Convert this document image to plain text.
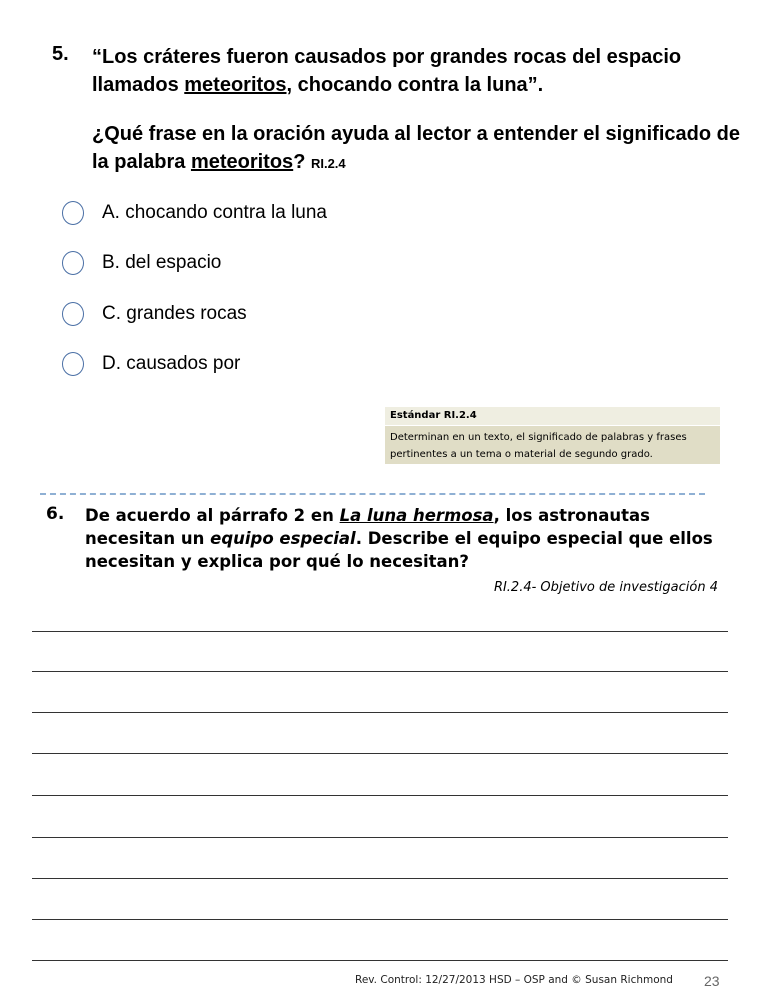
5. “Los cráteres fueron causados por grandes rocas del espacio llamados meteoritos, chocando contra la luna”.
¿Qué frase en la oración ayuda al lector a entender el significado de la palabra meteoritos? RI.2.4
A. chocando contra la luna
B. del espacio
C. grandes rocas
D. causados por
Estándar RI.2.4
Determinan en un texto, el significado de palabras y frases pertinentes a un tema o material de segundo grado.
6. De acuerdo al párrafo 2 en La luna hermosa, los astronautas necesitan un equipo especial. Describe el equipo especial que ellos necesitan y explica por qué lo necesitan?
RI.2.4- Objetivo de investigación 4
Rev. Control: 12/27/2013 HSD – OSP and © Susan Richmond 23
